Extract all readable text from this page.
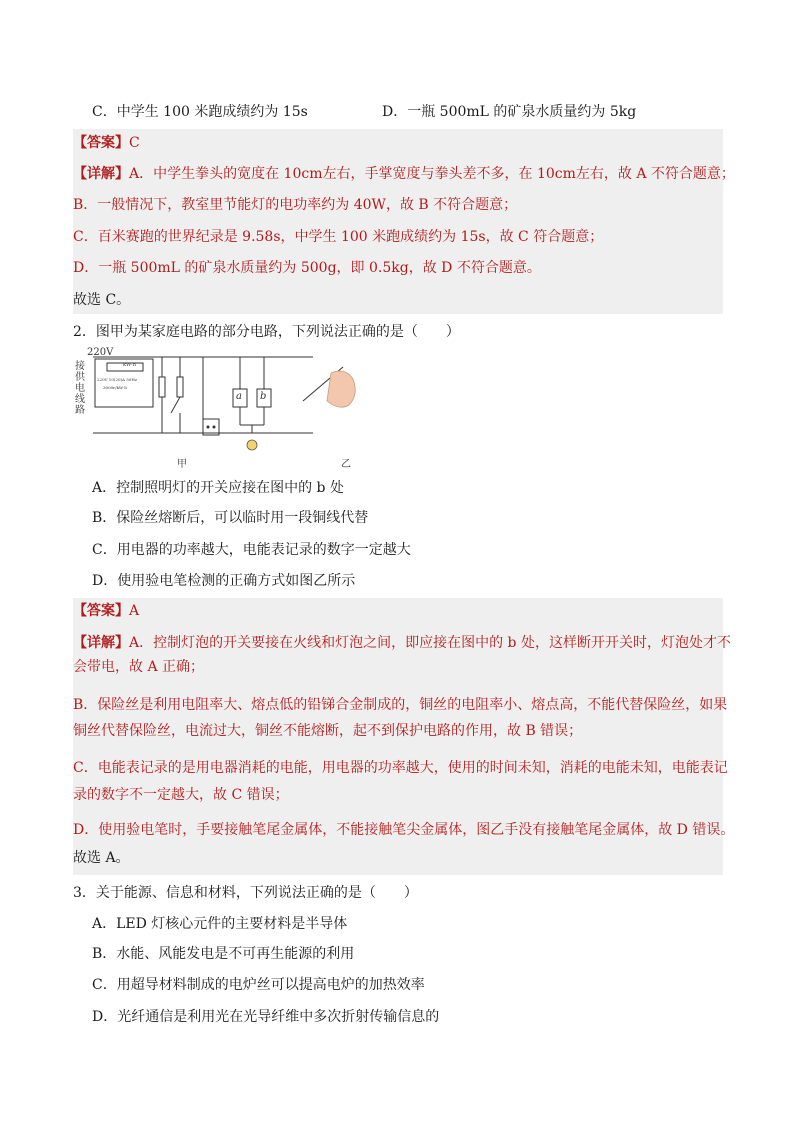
C．中学生 100 米跑成绩约为 15s	D．一瓶 500mL 的矿泉水质量约为 5kg
【答案】C
【详解】A．中学生拳头的宽度在 10cm左右，手掌宽度与拳头差不多，在 10cm左右，故 A 不符合题意；
B．一般情况下，教室里节能灯的电功率约为 40W，故 B 不符合题意；
C．百米赛跑的世界纪录是 9.58s，中学生 100 米跑成绩约为 15s，故 C 符合题意；
D．一瓶 500mL 的矿泉水质量约为 500g，即 0.5kg，故 D 不符合题意。
故选 C。
2．图甲为某家庭电路的部分电路，下列说法正确的是（　　）
220V
接
供
电
线
路
kW·h
220V 10(20)A 50Hz
3000r/kW·h
a b
甲	乙
A．控制照明灯的开关应接在图中的 b 处
B．保险丝熔断后，可以临时用一段铜线代替
C．用电器的功率越大，电能表记录的数字一定越大
D．使用验电笔检测的正确方式如图乙所示
【答案】A
【详解】A．控制灯泡的开关要接在火线和灯泡之间，即应接在图中的 b 处，这样断开开关时，灯泡处才不
会带电，故 A 正确；
B．保险丝是利用电阻率大、熔点低的铅锑合金制成的，铜丝的电阻率小、熔点高，不能代替保险丝，如果
铜丝代替保险丝，电流过大，铜丝不能熔断，起不到保护电路的作用，故 B 错误；
C．电能表记录的是用电器消耗的电能，用电器的功率越大，使用的时间未知，消耗的电能未知，电能表记
录的数字不一定越大，故 C 错误；
D．使用验电笔时，手要接触笔尾金属体，不能接触笔尖金属体，图乙手没有接触笔尾金属体，故 D 错误。
故选 A。
3．关于能源、信息和材料，下列说法正确的是（　　）
A．LED 灯核心元件的主要材料是半导体
B．水能、风能发电是不可再生能源的利用
C．用超导材料制成的电炉丝可以提高电炉的加热效率
D．光纤通信是利用光在光导纤维中多次折射传输信息的
